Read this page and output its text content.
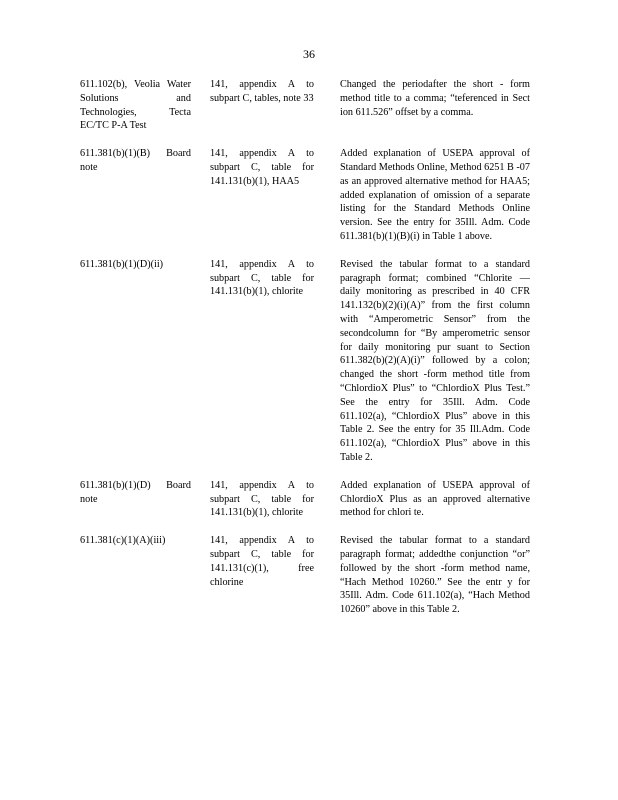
36
611.102(b), Veolia Water Solutions and Technologies, Tecta EC/TC P-A Test
141, appendix A to subpart C, tables, note 33
Changed the periodafter the short - form method title to a comma; “teferenced in Sect ion 611.526” offset by a comma.
611.381(b)(1)(B) Board note
141, appendix A to subpart C, table for 141.131(b)(1), HAA5
Added explanation of USEPA approval of Standard Methods Online, Method 6251 B -07 as an approved alternative method for HAA5; added explanation of omission of a separate listing for the Standard Methods Online version. See the entry for 35Ill. Adm. Code 611.381(b)(1)(B)(i) in Table 1 above.
611.381(b)(1)(D)(ii)	141, appendix A to subpart C, table for 141.131(b)(1), chlorite
Revised the tabular format to a standard paragraph format; combined “Chlorite — daily monitoring as prescribed in 40 CFR 141.132(b)(2)(i)(A)” from the first column with “Amperometric Sensor” from the secondcolumn for “By amperometric sensor for daily monitoring pur suant to Section 611.382(b)(2)(A)(i)” followed by a colon; changed the short -form method title from “ChlordioX Plus” to “ChlordioX Plus Test.” See the entry for 35Ill. Adm. Code 611.102(a), “ChlordioX Plus” above in this Table 2. See the entry for 35 Ill.Adm. Code 611.102(a), “ChlordioX Plus” above in this Table 2.
611.381(b)(1)(D) Board note
141, appendix A to subpart C, table for 141.131(b)(1), chlorite
Added explanation of USEPA approval of ChlordioX Plus as an approved alternative method for chlori te.
611.381(c)(1)(A)(iii)	141, appendix A to subpart C, table for 141.131(c)(1), free chlorine
Revised the tabular format to a standard paragraph format; addedthe conjunction “or” followed by the short -form method name, “Hach Method 10260.” See the entr y for 35Ill. Adm. Code 611.102(a), “Hach Method 10260” above in this Table 2.
